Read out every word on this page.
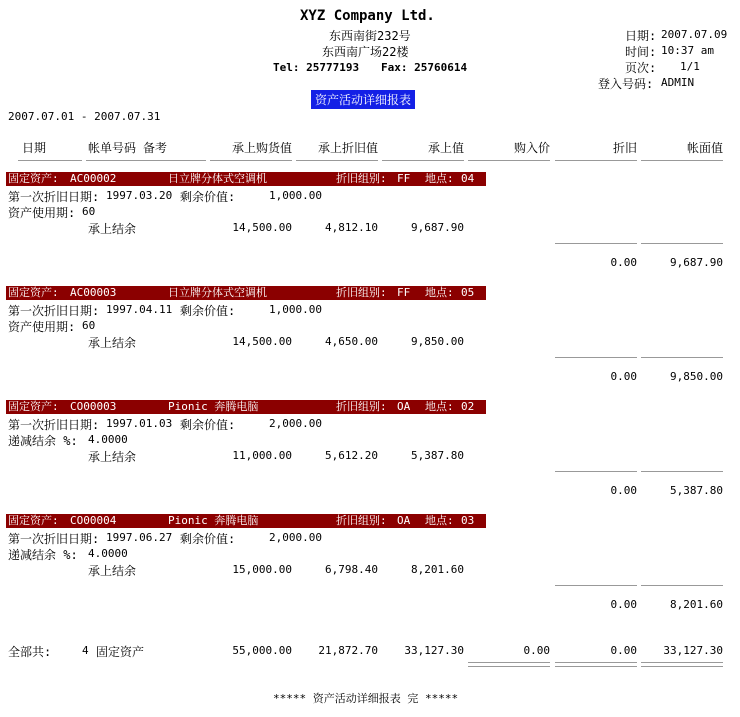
XYZ Company Ltd.
东西南街232号
东西南广场22楼
Tel: 25777193 Fax: 25760614
日期: 2007.07.09
时间: 10:37 am
页次: 1/1
登入号码: ADMIN
资产活动详细报表
2007.07.01 - 2007.07.31
日期	帐单号码 备考	承上购货值	承上折旧值	承上值	购入价	折旧	帐面值
固定资产: AC00002	日立牌分体式空调机	折旧组别: FF 地点: 04
第一次折旧日期: 1997.03.20 剩余价值:	1,000.00
资产使用期: 60
承上结余	14,500.00	4,812.10	9,687.90
0.00	9,687.90
固定资产: AC00003	日立牌分体式空调机	折旧组别: FF 地点: 05
第一次折旧日期: 1997.04.11 剩余价值:	1,000.00
资产使用期: 60
承上结余	14,500.00	4,650.00	9,850.00
0.00	9,850.00
固定资产: CO00003	Pionic 奔腾电脑	折旧组别: OA 地点: 02
第一次折旧日期: 1997.01.03 剩余价值:	2,000.00
递减结余 %: 4.0000
承上结余	11,000.00	5,612.20	5,387.80
0.00	5,387.80
固定资产: CO00004	Pionic 奔腾电脑	折旧组别: OA 地点: 03
第一次折旧日期: 1997.06.27 剩余价值:	2,000.00
递减结余 %: 4.0000
承上结余	15,000.00	6,798.40	8,201.60
0.00	8,201.60
全部共:	4 固定资产	55,000.00	21,872.70	33,127.30	0.00	0.00	33,127.30
***** 资产活动详细报表 完 *****
